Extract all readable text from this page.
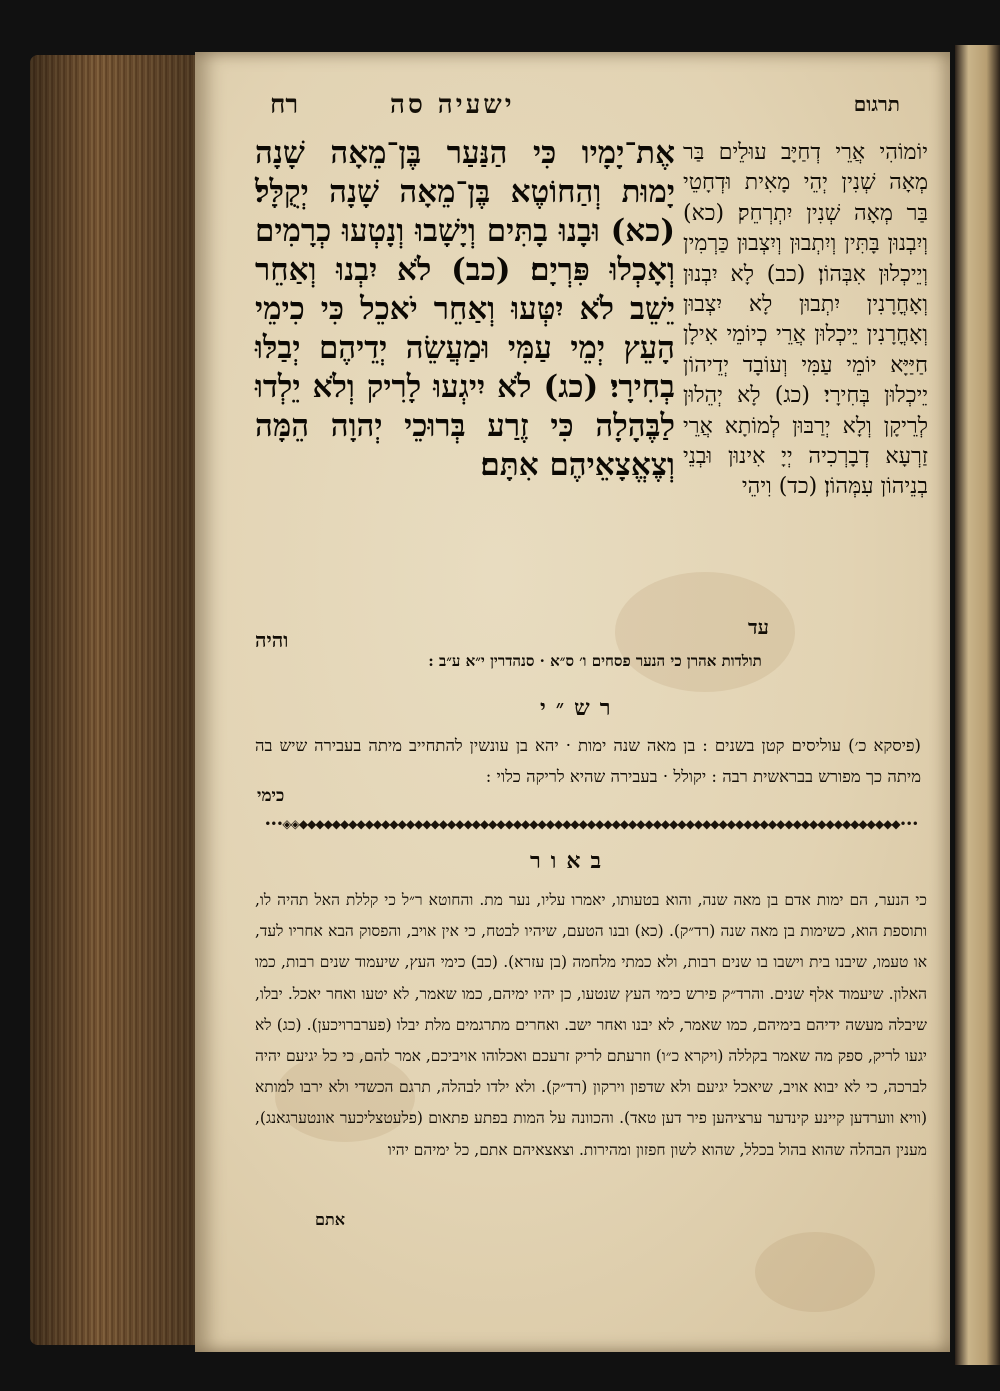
תרגום
ישעיה סה
רח
אֶת־יָמָיו כִּי הַנַּעַר בֶּן־מֵאָה שָׁנָה יָמוּת וְהַחוֹטֶא בֶּן־מֵאָה שָׁנָה יְקֻלָּל׃ (כא) וּבָנוּ בָתִּים וְיָשָׁבוּ וְנָטְעוּ כְרָמִים וְאָכְלוּ פִּרְיָם׃ (כב) לֹא יִבְנוּ וְאַחֵר יֵשֵׁב לֹא יִטְּעוּ וְאַחֵר יֹאכֵל כִּי כִימֵי הָעֵץ יְמֵי עַמִּי וּמַעֲשֵׂה יְדֵיהֶם יְבַלּוּ בְחִירָי׃ (כג) לֹא יִיגְעוּ לָרִיק וְלֹא יֵלְדוּ לַבֶּהָלָה כִּי זֶרַע בְּרוּכֵי יְהוָה הֵמָּה וְצֶאֱצָאֵיהֶם אִתָּם׃
והיה
יוֹמוֹהִי אֲרֵי דְחַיָּב עוּלֵים בַּר מְאָה שְׁנִין יְהֵי מָאִית וּדְחָטֵי בַּר מְאָה שְׁנִין יִתְרְחֵק׃ (כא) וְיִבְנוּן בָּתִּין וְיִתְבוּן וְיִצְבוּן כַּרְמִין וְיֵיכְלוּן אִבְּהוֹן׃ (כב) לָא יִבְנוּן וְאָחֳרָנִין יִתְבוּן לָא יִצְבוּן וְאָחֳרָנִין יֵיכְלוּן אֲרֵי כְיוֹמֵי אִילָן חַיַּיָּא יוֹמֵי עַמִּי וְעוֹבָד יְדֵיהוֹן יֵיכְלוּן בְּחִירָי׃ (כג) לָא יְהֵלוּן לְרֵיקָן וְלָא יְרַבּוּן לְמוֹתָא אֲרֵי זַרְעָא דְבָרְכִיה יְיָ אִינוּן וּבְנֵי בְנֵיהוֹן עִמְּהוֹן׃ (כד) וִיהֵי
עד
תולדות אהרן כי הנער פסחים ו׳ ס״א · סנהדרין י״א ע״ב :
רש״י
(פיסקא כ׳) עוליסים קטן בשנים : בן מאה שנה ימות · יהא בן עונשין להתחייב מיתה בעבירה שיש בה מיתה כך מפורש בבראשית רבה : יקולל · בעבירה שהיא לריקה כלוי :
כימי
•••◈◈◆◆◆◆◆◆◆◆◆◆◆◆◆◆◆◆◆◆◆◆◆◆◆◆◆◆◆◆◆◆◆◆◆◆◆◆◆◆◆◆◆◆◆◆◆◆◆◆◆◆◆◆◆◆◆◆◆◆◆◆◆◆◆◆◆◆◆◆◆◆◆◆◆•••
באור
כי הנער, הם ימות אדם בן מאה שנה, והוא בטעותו, יאמרו עליו, נער מת. והחוטא ר״ל כי קללת האל תהיה לו, ותוספת הוא, כשימות בן מאה שנה (רד״ק). (כא) ובנו הטעם, שיהיו לבטח, כי אין אויב, והפסוק הבא אחריו לעד, או טעמו, שיבנו בית וישבו בו שנים רבות, ולא כמתי מלחמה (בן עזרא). (כב) כימי העץ, שיעמוד שנים רבות, כמו האלון. שיעמוד אלף שנים. והרד״ק פירש כימי העץ שנטעו, כן יהיו ימיהם, כמו שאמר, לא יטעו ואחר יאכל. יבלו, שיבלה מעשה ידיהם בימיהם, כמו שאמר, לא יבנו ואחר ישב. ואחרים מתרגמים מלת יבלו (פערברויכען). (כג) לא יגעו לריק, ספק מה שאמר בקללה (ויקרא כ״ו) וזרעתם לריק זרעכם ואכלוהו אויביכם, אמר להם, כי כל יגיעם יהיה לברכה, כי לא יבוא אויב, שיאכל יגיעם ולא שדפון וירקון (רד״ק). ולא ילדו לבהלה, תרגם הכשדי ולא ירבו למותא (וויא ווערדען קיינע קינדער ערציהען פיר דען טאד). והכוונה על המות בפתע פתאום (פלעטצליכער אונטערגאנג), מענין הבהלה שהוא בהול בכלל, שהוא לשון חפזון ומהירות. וצאצאיהם אתם, כל ימיהם יהיו
אתם
